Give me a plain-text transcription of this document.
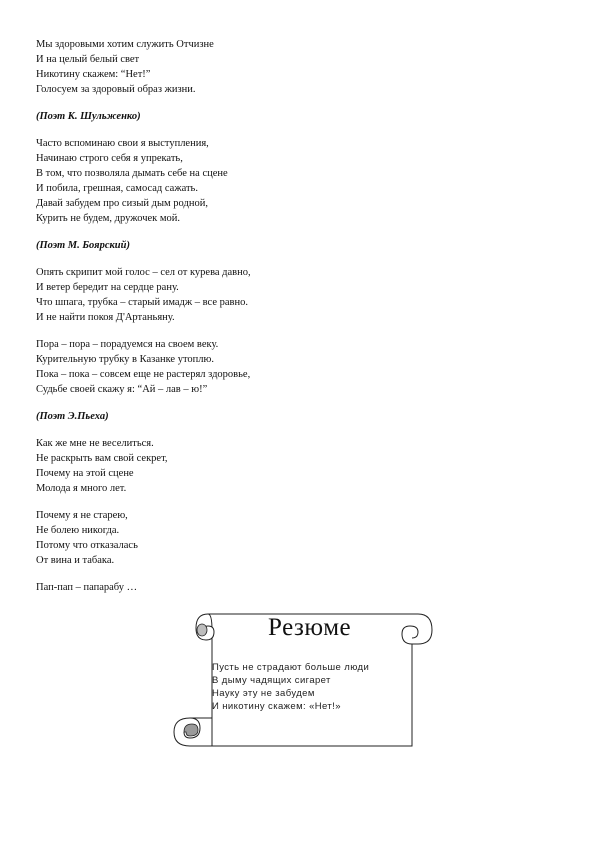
Мы здоровыми хотим служить Отчизне
И на целый белый свет
Никотину скажем: “Нет!”
Голосуем за здоровый образ жизни.
(Поэт К. Шульженко)
Часто вспоминаю свои я выступления,
Начинаю строго себя я упрекать,
В том, что позволяла дымать себе на сцене
И побила, грешная, самосад сажать.
Давай забудем про сизый дым родной,
Курить не будем, дружочек мой.
(Поэт М. Боярский)
Опять скрипит мой голос – сел от курева давно,
И ветер бередит на сердце рану.
Что шпага, трубка – старый имадж – все равно.
И не найти покоя Д'Артаньяну.
Пора – пора – порадуемся на своем веку.
Курительную трубку в Казанке утоплю.
Пока – пока – совсем еще не растерял здоровье,
Судьбе своей скажу я: “Ай – лав – ю!”
(Поэт Э.Пьеха)
Как же мне не веселиться.
Не раскрыть вам свой секрет,
Почему на этой сцене
Молода я много лет.
Почему я не старею,
Не болею никогда.
Потому что отказалась
От вина и табака.
Пап-пап – папарабу …
Резюме
Пусть не страдают больше люди
В дыму чадящих сигарет
Науку эту не забудем
И никотину скажем: «Нет!»
